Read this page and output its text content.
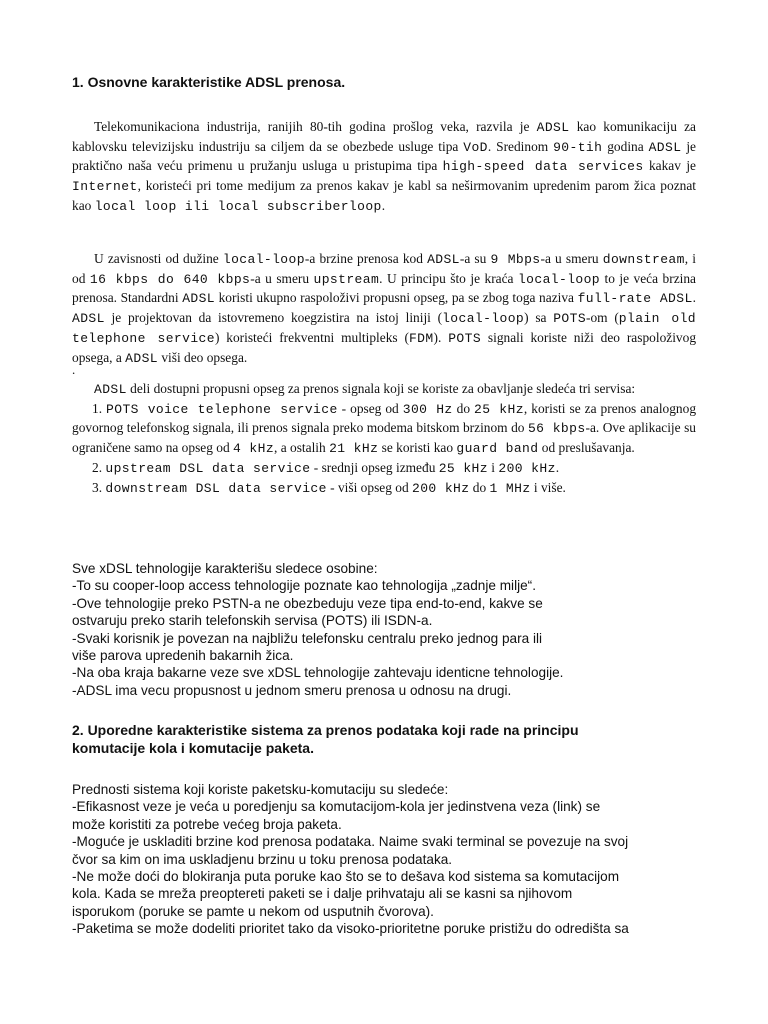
1. Osnovne karakteristike ADSL prenosa.

Telekomunikaciona industrija, ranijih 80-tih godina prošlog veka, razvila je ADSL kao komunikaciju za kablovsku televizijsku industriju sa ciljem da se obezbede usluge tipa VoD. Sredinom 90-tih godina ADSL je praktično naša veću primenu u pružanju usluga u pristupima tipa high-speed data services kakav je Internet, koristeći pri tome medijum za prenos kakav je kabl sa neširmovanim upredenim parom žica poznat kao local loop ili local subscriberloop.

U zavisnosti od dužine local-loop-a brzine prenosa kod ADSL-a su 9 Mbps-a u smeru downstream, i od 16 kbps do 640 kbps-a u smeru upstream. U principu što je kraća local-loop to je veća brzina prenosa. Standardni ADSL koristi ukupno raspoloživi propusni opseg, pa se zbog toga naziva full-rate ADSL. ADSL je projektovan da istovremeno koegzistira na istoj liniji (local-loop) sa POTS-om (plain old telephone service) koristeći frekventni multipleks (FDM). POTS signali koriste niži deo raspoloživog opsega, a ADSL viši deo opsega.

.

ADSL deli dostupni propusni opseg za prenos signala koji se koriste za obavljanje sledeća tri servisa:

1. POTS voice telephone service - opseg od 300 Hz do 25 kHz, koristi se za prenos analognog govornog telefonskog signala, ili prenos signala preko modema bitskom brzinom do 56 kbps-a. Ove aplikacije su ograničene samo na opseg od 4 kHz, a ostalih 21 kHz se koristi kao guard band od preslušavanja.

2. upstream DSL data service - srednji opseg između 25 kHz i 200 kHz.

3. downstream DSL data service - viši opseg od 200 kHz do 1 MHz i više.

Sve xDSL tehnologije karakterišu sledece osobine:
-To su cooper-loop access tehnologije poznate kao tehnologija „zadnje milje“.
-Ove tehnologije preko PSTN-a ne obezbeduju veze tipa end-to-end, kakve se
ostvaruju preko starih telefonskih servisa (POTS) ili ISDN-a.
-Svaki korisnik je povezan na najbližu telefonsku centralu preko jednog para ili
više parova upredenih bakarnih žica.
-Na oba kraja bakarne veze sve xDSL tehnologije zahtevaju identicne tehnologije.
-ADSL ima vecu propusnost u jednom smeru prenosa u odnosu na drugi.
2. Uporedne karakteristike sistema za prenos podataka koji rade na principu
komutacije kola i komutacije paketa.
Prednosti sistema koji koriste paketsku-komutaciju su sledeće:
-Efikasnost veze je veća u poredjenju sa komutacijom-kola jer jedinstvena veza (link) se
može koristiti za potrebe većeg broja paketa.
-Moguće je uskladiti brzine kod prenosa podataka. Naime svaki terminal se povezuje na svoj
čvor sa kim on ima uskladjenu brzinu u toku prenosa podataka.
-Ne može doći do blokiranja puta poruke kao što se to dešava kod sistema sa komutacijom
kola. Kada se mreža preoptereti paketi se i dalje prihvataju ali se kasni sa njihovom
isporukom (poruke se pamte u nekom od usputnih čvorova).
-Paketima se može dodeliti prioritet tako da visoko-prioritetne poruke pristižu do odredišta sa
